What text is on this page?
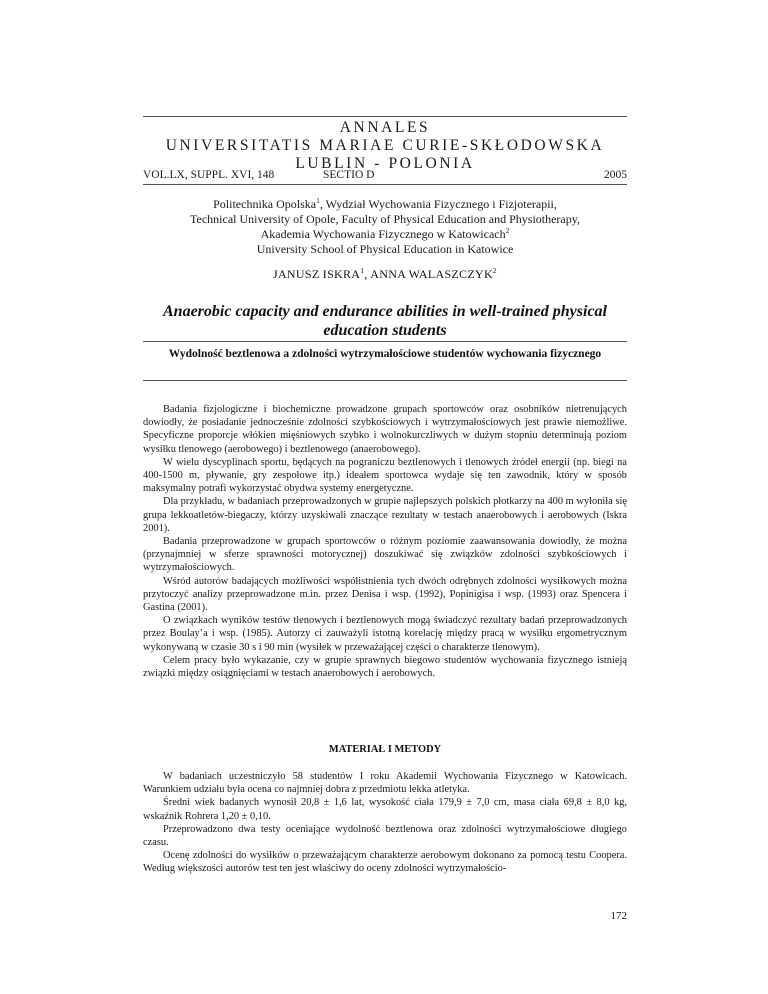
ANNALES
UNIVERSITATIS MARIAE CURIE-SKŁODOWSKA
LUBLIN - POLONIA
VOL.LX, SUPPL. XVI, 148	SECTIO D	2005
Politechnika Opolska$^1$, Wydział Wychowania Fizycznego i Fizjoterapii,
Technical University of Opole, Faculty of Physical Education and Physiotherapy,
Akademia Wychowania Fizycznego w Katowicach$^2$
University School of Physical Education in Katowice
JANUSZ ISKRA$^1$, ANNA WALASZCZYK$^2$
Anaerobic capacity and endurance abilities in well-trained physical education students
Wydolność beztlenowa a zdolności wytrzymałościowe studentów wychowania fizycznego

Badania fizjologiczne i biochemiczne prowadzone grupach sportowców oraz osobników nietrenujących dowiodły, że posiadanie jednocześnie zdolności szybkościowych i wytrzymałościowych jest prawie niemożliwe. Specyficzne proporcje włókien mięśniowych szybko i wolnokurczliwych w dużym stopniu determinują poziom wysiłku tlenowego (aerobowego) i beztlenowego (anaerobowego).

W wielu dyscyplinach sportu, będących na pograniczu beztlenowych i tlenowych źródeł energii (np. biegi na 400-1500 m, pływanie, gry zespołowe itp.) ideałem sportowca wydaje się ten zawodnik, który w sposób maksymalny potrafi wykorzystać obydwa systemy energetyczne.

Dla przykładu, w badaniach przeprowadzonych w grupie najlepszych polskich płotkarzy na 400 m wyłoniła się grupa lekkoatletów-biegaczy, którzy uzyskiwali znaczące rezultaty w testach anaerobowych i aerobowych (Iskra 2001).

Badania przeprowadzone w grupach sportowców o różnym poziomie zaawansowania dowiodły, że można (przynajmniej w sferze sprawności motorycznej) doszukiwać się związków zdolności szybkościowych i wytrzymałościowych.

Wśród autorów badających możliwości współistnienia tych dwóch odrębnych zdolności wysiłkowych można przytoczyć analizy przeprowadzone m.in. przez Denisa i wsp. (1992), Popinigisa i wsp. (1993) oraz Spencera i Gastina (2001).

O związkach wyników testów tlenowych i beztlenowych mogą świadczyć rezultaty badań przeprowadzonych przez Boulay’a i wsp. (1985). Autorzy ci zauważyli istotną korelację między pracą w wysiłku ergometrycznym wykonywaną w czasie 30 s i 90 min (wysiłek w przeważającej części o charakterze tlenowym).

Celem pracy było wykazanie, czy w grupie sprawnych biegowo studentów wychowania fizycznego istnieją związki między osiągnięciami w testach anaerobowych i aerobowych.

MATERIAŁ I METODY

W badaniach uczestniczyło 58 studentów I roku Akademii Wychowania Fizycznego w Katowicach. Warunkiem udziału była ocena co najmniej dobra z przedmiotu lekka atletyka.

Średni wiek badanych wynosił 20,8 ± 1,6 lat, wysokość ciała 179,9 ± 7,0 cm, masa ciała 69,8 ± 8,0 kg, wskaźnik Rohrera 1,20 ± 0,10.

Przeprowadzono dwa testy oceniające wydolność beztlenowa oraz zdolności wytrzymałościowe długiego czasu.

Ocenę zdolności do wysiłków o przeważającym charakterze aerobowym dokonano za pomocą testu Coopera. Według większości autorów test ten jest właściwy do oceny zdolności wytrzymałościo-

172
